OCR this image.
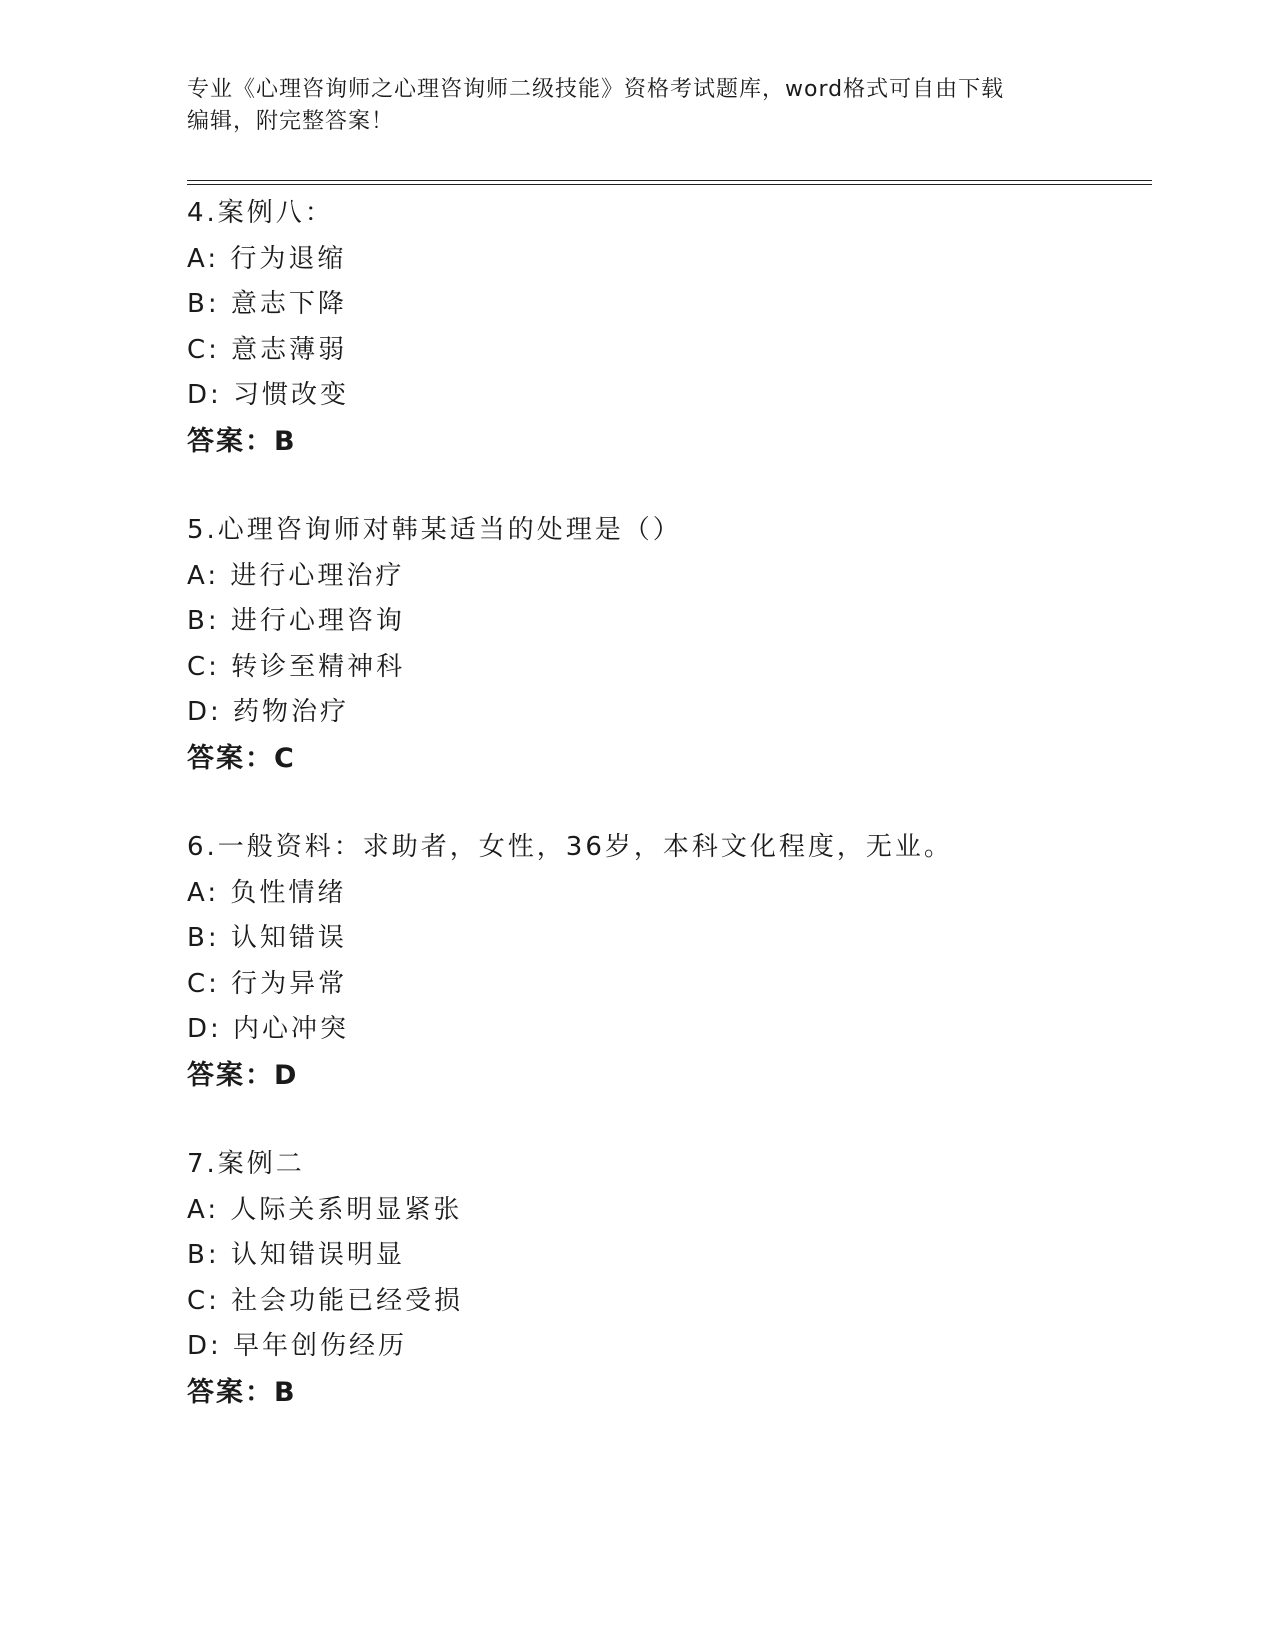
专业《心理咨询师之心理咨询师二级技能》资格考试题库，word格式可自由下载
编辑，附完整答案！
4.案例八：
A: 行为退缩
B: 意志下降
C: 意志薄弱
D: 习惯改变
答案：B
5.心理咨询师对韩某适当的处理是（）
A: 进行心理治疗
B: 进行心理咨询
C: 转诊至精神科
D: 药物治疗
答案：C
6.一般资料：求助者，女性，36岁，本科文化程度，无业。
A: 负性情绪
B: 认知错误
C: 行为异常
D: 内心冲突
答案：D
7.案例二
A: 人际关系明显紧张
B: 认知错误明显
C: 社会功能已经受损
D: 早年创伤经历
答案：B
